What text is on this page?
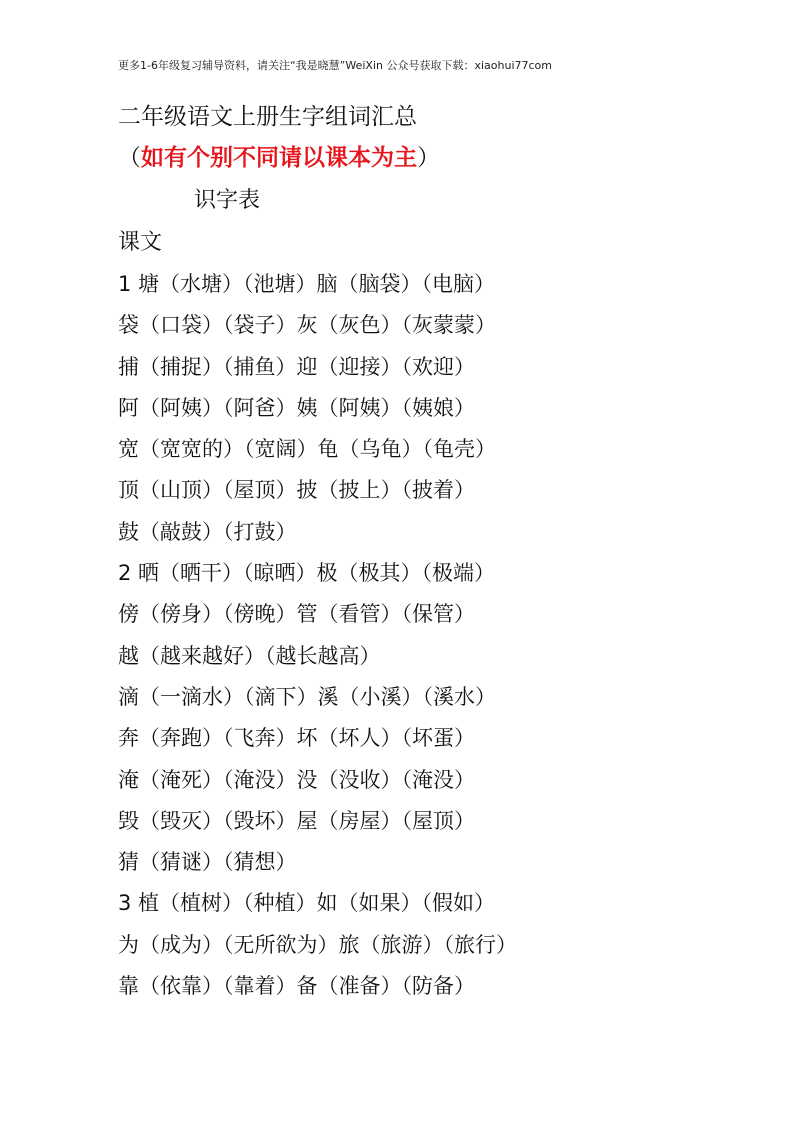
更多1-6年级复习辅导资料，请关注“我是晓慧”WeiXin 公众号获取下载：xiaohui77com
二年级语文上册生字组词汇总
（如有个别不同请以课本为主）
识字表
课文
1 塘（水塘）（池塘）脑（脑袋）（电脑）
袋（口袋）（袋子）灰（灰色）（灰蒙蒙）
捕（捕捉）（捕鱼）迎（迎接）（欢迎）
阿（阿姨）（阿爸）姨（阿姨）（姨娘）
宽（宽宽的）（宽阔）龟（乌龟）（龟壳）
顶（山顶）（屋顶）披（披上）（披着）
鼓（敲鼓）（打鼓）
2 晒（晒干）（晾晒）极（极其）（极端）
傍（傍身）（傍晚）管（看管）（保管）
越（越来越好）（越长越高）
滴（一滴水）（滴下）溪（小溪）（溪水）
奔（奔跑）（飞奔）坏（坏人）（坏蛋）
淹（淹死）（淹没）没（没收）（淹没）
毁（毁灭）（毁坏）屋（房屋）（屋顶）
猜（猜谜）（猜想）
3 植（植树）（种植）如（如果）（假如）
为（成为）（无所欲为）旅（旅游）（旅行）
靠（依靠）（靠着）备（准备）（防备）
